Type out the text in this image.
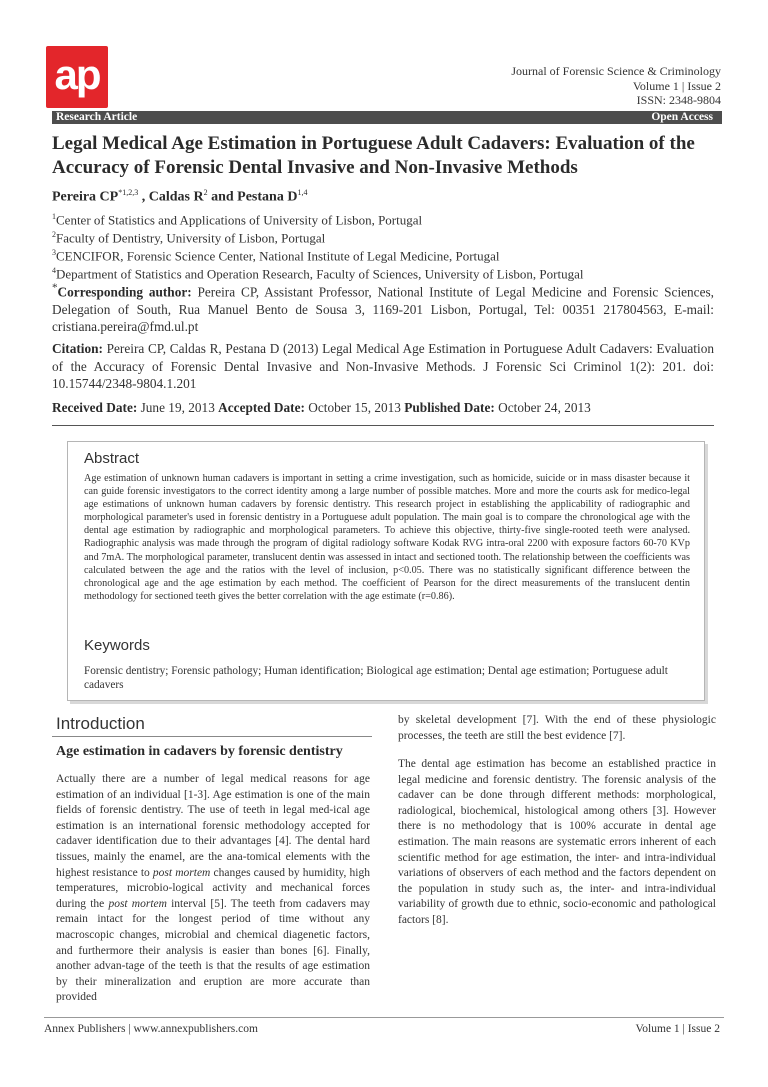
ap	Journal of Forensic Science & Criminology
Volume 1 | Issue 2
ISSN: 2348-9804
Research Article	Open Access
Legal Medical Age Estimation in Portuguese Adult Cadavers: Evaluation of the Accuracy of Forensic Dental Invasive and Non-Invasive Methods
Pereira CP$^{*1,2,3}$ , Caldas $R^2$ and Pestana D$^{1,4}$
$^1$Center of Statistics and Applications of University of Lisbon, Portugal
$^2$Faculty of Dentistry, University of Lisbon, Portugal
$^3$CENCIFOR, Forensic Science Center, National Institute of Legal Medicine, Portugal
$^4$Department of Statistics and Operation Research, Faculty of Sciences, University of Lisbon, Portugal
*Corresponding author: Pereira CP, Assistant Professor, National Institute of Legal Medicine and Forensic Sciences, Delegation of South, Rua Manuel Bento de Sousa 3, 1169-201 Lisbon, Portugal, Tel: 00351 217804563, E-mail: cristiana.pereira@fmd.ul.pt
Citation: Pereira CP, Caldas R, Pestana D (2013) Legal Medical Age Estimation in Portuguese Adult Cadavers: Evaluation of the Accuracy of Forensic Dental Invasive and Non-Invasive Methods. J Forensic Sci Criminol 1(2): 201. doi: 10.15744/2348-9804.1.201
Received Date: June 19, 2013 Accepted Date: October 15, 2013 Published Date: October 24, 2013
Abstract
Age estimation of unknown human cadavers is important in setting a crime investigation, such as homicide, suicide or in mass disaster because it can guide forensic investigators to the correct identity among a large number of possible matches. More and more the courts ask for medico-legal age estimations of unknown human cadavers by forensic dentistry. This research project in establishing the applicability of radiographic and morphological parameter's used in forensic dentistry in a Portuguese adult population. The main goal is to compare the chronological age with the dental age estimation by radiographic and morphological parameters. To achieve this objective, thirty-five single-rooted teeth were analysed. Radiographic analysis was made through the program of digital radiology software Kodak RVG intra-oral 2200 with exposure factors 60-70 KVp and 7mA. The morphological parameter, translucent dentin was assessed in intact and sectioned tooth. The relationship between the coefficients was calculated between the age and the ratios with the level of inclusion, p<0.05. There was no statistically significant difference between the chronological age and the age estimation by each method. The coefficient of Pearson for the direct measurements of the translucent dentin methodology for sectioned teeth gives the better correlation with the age estimate (r=0.86).
Keywords
Forensic dentistry; Forensic pathology; Human identification; Biological age estimation; Dental age estimation; Portuguese adult cadavers
Introduction
Age estimation in cadavers by forensic dentistry
Actually there are a number of legal medical reasons for age estimation of an individual [1-3]. Age estimation is one of the main fields of forensic dentistry. The use of teeth in legal med-ical age estimation is an international forensic methodology accepted for cadaver identification due to their advantages [4]. The dental hard tissues, mainly the enamel, are the ana-tomical elements with the highest resistance to post mortem changes caused by humidity, high temperatures, microbio-logical activity and mechanical forces during the post mortem interval [5]. The teeth from cadavers may remain intact for the longest period of time without any macroscopic changes, microbial and chemical diagenetic factors, and furthermore their analysis is easier than bones [6]. Finally, another advan-tage of the teeth is that the results of age estimation by their mineralization and eruption are more accurate than provided
by skeletal development [7]. With the end of these physiologic processes, the teeth are still the best evidence [7].
The dental age estimation has become an established practice in legal medicine and forensic dentistry. The forensic analysis of the cadaver can be done through different methods: morphological, radiological, biochemical, histological among others [3]. However there is no methodology that is 100% accurate in dental age estimation. The main reasons are systematic errors inherent of each scientific method for age estimation, the inter- and intra-individual variations of observers of each method and the factors dependent on the population in study such as, the inter- and intra-individual variability of growth due to ethnic, socio-economic and pathological factors [8].
Annex Publishers | www.annexpublishers.com	Volume 1 | Issue 2
